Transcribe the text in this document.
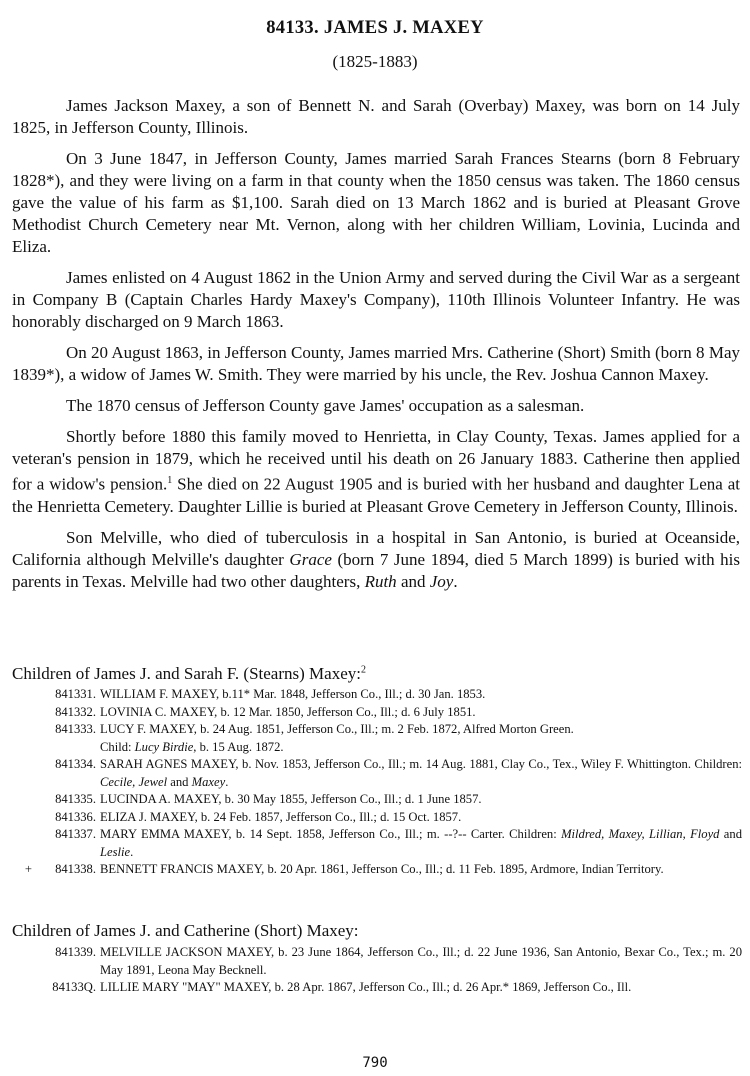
84133. JAMES J. MAXEY
(1825-1883)

James Jackson Maxey, a son of Bennett N. and Sarah (Overbay) Maxey, was born on 14 July 1825, in Jefferson County, Illinois.

On 3 June 1847, in Jefferson County, James married Sarah Frances Stearns (born 8 February 1828*), and they were living on a farm in that county when the 1850 census was taken. The 1860 census gave the value of his farm as $1,100. Sarah died on 13 March 1862 and is buried at Pleasant Grove Methodist Church Cemetery near Mt. Vernon, along with her children William, Lovinia, Lucinda and Eliza.

James enlisted on 4 August 1862 in the Union Army and served during the Civil War as a sergeant in Company B (Captain Charles Hardy Maxey's Company), 110th Illinois Volunteer Infantry. He was honorably discharged on 9 March 1863.

On 20 August 1863, in Jefferson County, James married Mrs. Catherine (Short) Smith (born 8 May 1839*), a widow of James W. Smith. They were married by his uncle, the Rev. Joshua Cannon Maxey.

The 1870 census of Jefferson County gave James' occupation as a salesman.

Shortly before 1880 this family moved to Henrietta, in Clay County, Texas. James applied for a veteran's pension in 1879, which he received until his death on 26 January 1883. Catherine then applied for a widow's pension.$^1$ She died on 22 August 1905 and is buried with her husband and daughter Lena at the Henrietta Cemetery. Daughter Lillie is buried at Pleasant Grove Cemetery in Jefferson County, Illinois.

Son Melville, who died of tuberculosis in a hospital in San Antonio, is buried at Oceanside, California although Melville's daughter Grace (born 7 June 1894, died 5 March 1899) is buried with his parents in Texas. Melville had two other daughters, Ruth and Joy.

Children of James J. and Sarah F. (Stearns) Maxey:$^2$
841331. WILLIAM F. MAXEY, b.11* Mar. 1848, Jefferson Co., Ill.; d. 30 Jan. 1853.
841332. LOVINIA C. MAXEY, b. 12 Mar. 1850, Jefferson Co., Ill.; d. 6 July 1851.
841333. LUCY F. MAXEY, b. 24 Aug. 1851, Jefferson Co., Ill.; m. 2 Feb. 1872, Alfred Morton Green.
Child: Lucy Birdie, b. 15 Aug. 1872.
841334. SARAH AGNES MAXEY, b. Nov. 1853, Jefferson Co., Ill.; m. 14 Aug. 1881, Clay Co., Tex., Wiley F. Whittington. Children: Cecile, Jewel and Maxey.
841335. LUCINDA A. MAXEY, b. 30 May 1855, Jefferson Co., Ill.; d. 1 June 1857.
841336. ELIZA J. MAXEY, b. 24 Feb. 1857, Jefferson Co., Ill.; d. 15 Oct. 1857.
841337. MARY EMMA MAXEY, b. 14 Sept. 1858, Jefferson Co., Ill.; m. --?-- Carter. Children: Mildred, Maxey, Lillian, Floyd and Leslie.
+	841338. BENNETT FRANCIS MAXEY, b. 20 Apr. 1861, Jefferson Co., Ill.; d. 11 Feb. 1895, Ardmore, Indian Territory.
Children of James J. and Catherine (Short) Maxey:
841339. MELVILLE JACKSON MAXEY, b. 23 June 1864, Jefferson Co., Ill.; d. 22 June 1936, San Antonio, Bexar Co., Tex.; m. 20 May 1891, Leona May Becknell.
84133Q. LILLIE MARY "MAY" MAXEY, b. 28 Apr. 1867, Jefferson Co., Ill.; d. 26 Apr.* 1869, Jefferson Co., Ill.
790
